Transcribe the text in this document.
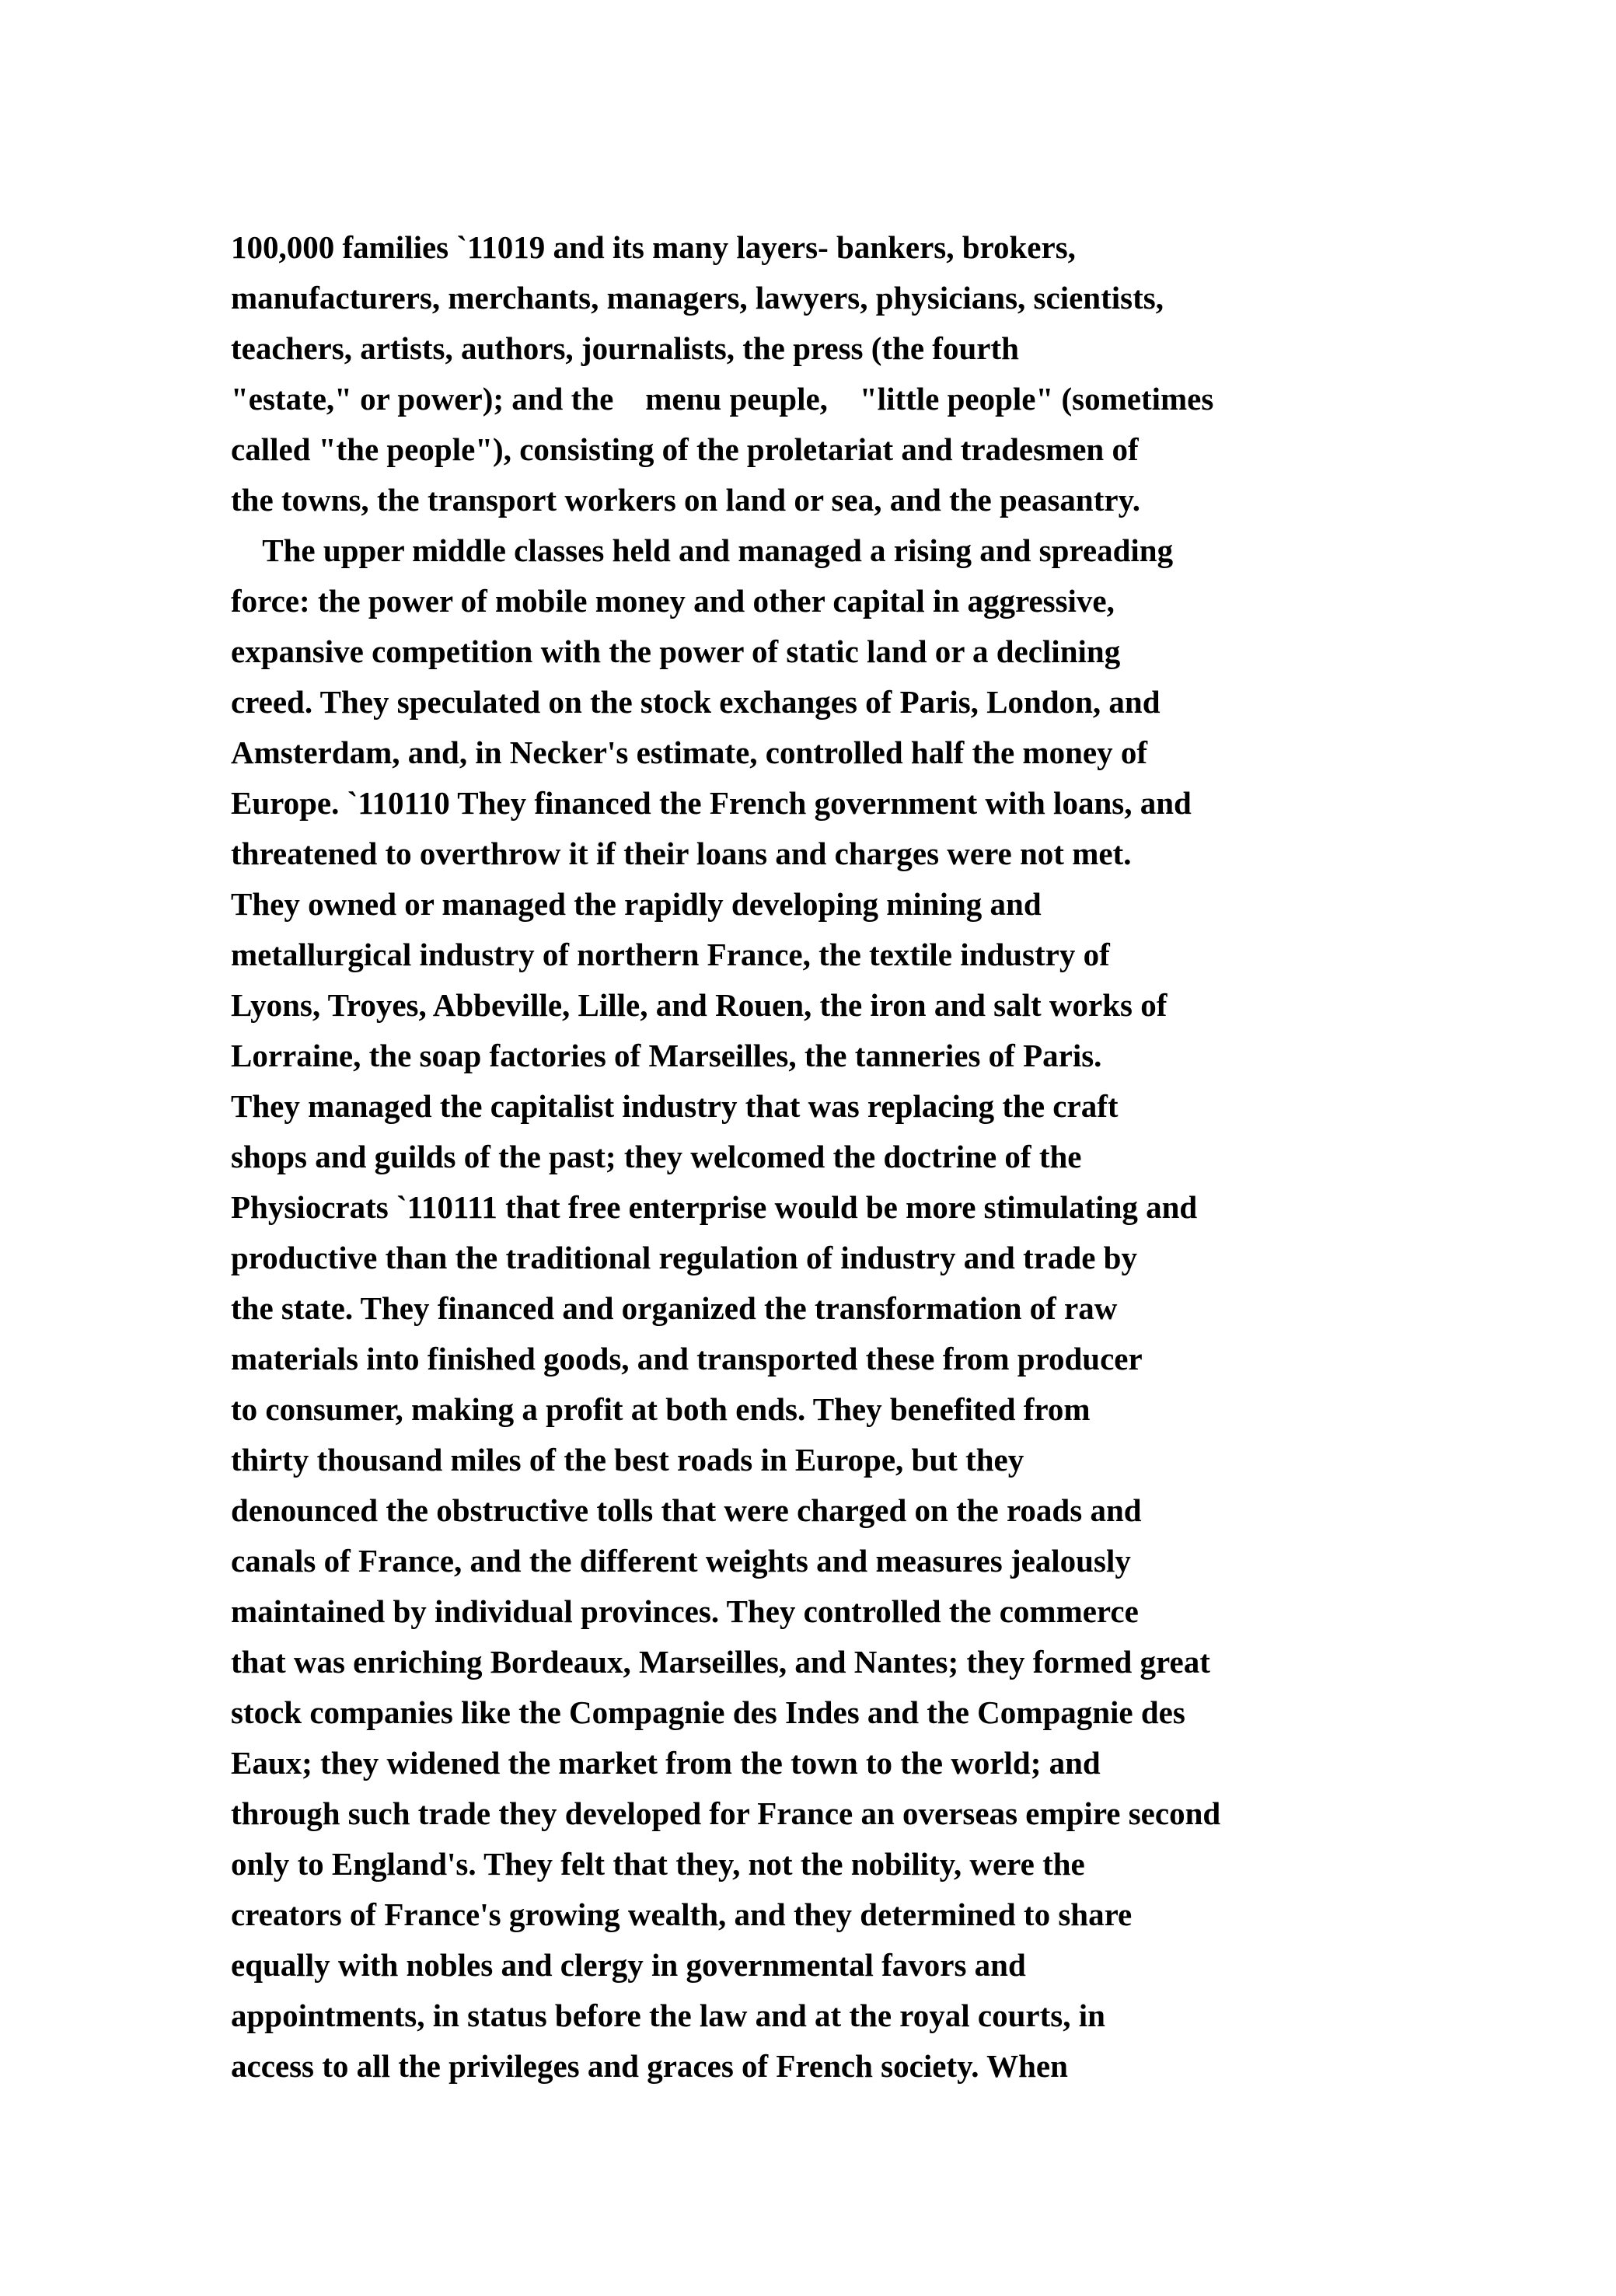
100,000 families `11019 and its many layers- bankers, brokers,
manufacturers, merchants, managers, lawyers, physicians, scientists,
teachers, artists, authors, journalists, the press (the fourth
"estate," or power); and the    menu peuple,    "little people" (sometimes
called "the people"), consisting of the proletariat and tradesmen of
the towns, the transport workers on land or sea, and the peasantry.
The upper middle classes held and managed a rising and spreading
force: the power of mobile money and other capital in aggressive,
expansive competition with the power of static land or a declining
creed. They speculated on the stock exchanges of Paris, London, and
Amsterdam, and, in Necker's estimate, controlled half the money of
Europe. `110110 They financed the French government with loans, and
threatened to overthrow it if their loans and charges were not met.
They owned or managed the rapidly developing mining and
metallurgical industry of northern France, the textile industry of
Lyons, Troyes, Abbeville, Lille, and Rouen, the iron and salt works of
Lorraine, the soap factories of Marseilles, the tanneries of Paris.
They managed the capitalist industry that was replacing the craft
shops and guilds of the past; they welcomed the doctrine of the
Physiocrats `110111 that free enterprise would be more stimulating and
productive than the traditional regulation of industry and trade by
the state. They financed and organized the transformation of raw
materials into finished goods, and transported these from producer
to consumer, making a profit at both ends. They benefited from
thirty thousand miles of the best roads in Europe, but they
denounced the obstructive tolls that were charged on the roads and
canals of France, and the different weights and measures jealously
maintained by individual provinces. They controlled the commerce
that was enriching Bordeaux, Marseilles, and Nantes; they formed great
stock companies like the Compagnie des Indes and the Compagnie des
Eaux; they widened the market from the town to the world; and
through such trade they developed for France an overseas empire second
only to England's. They felt that they, not the nobility, were the
creators of France's growing wealth, and they determined to share
equally with nobles and clergy in governmental favors and
appointments, in status before the law and at the royal courts, in
access to all the privileges and graces of French society. When
